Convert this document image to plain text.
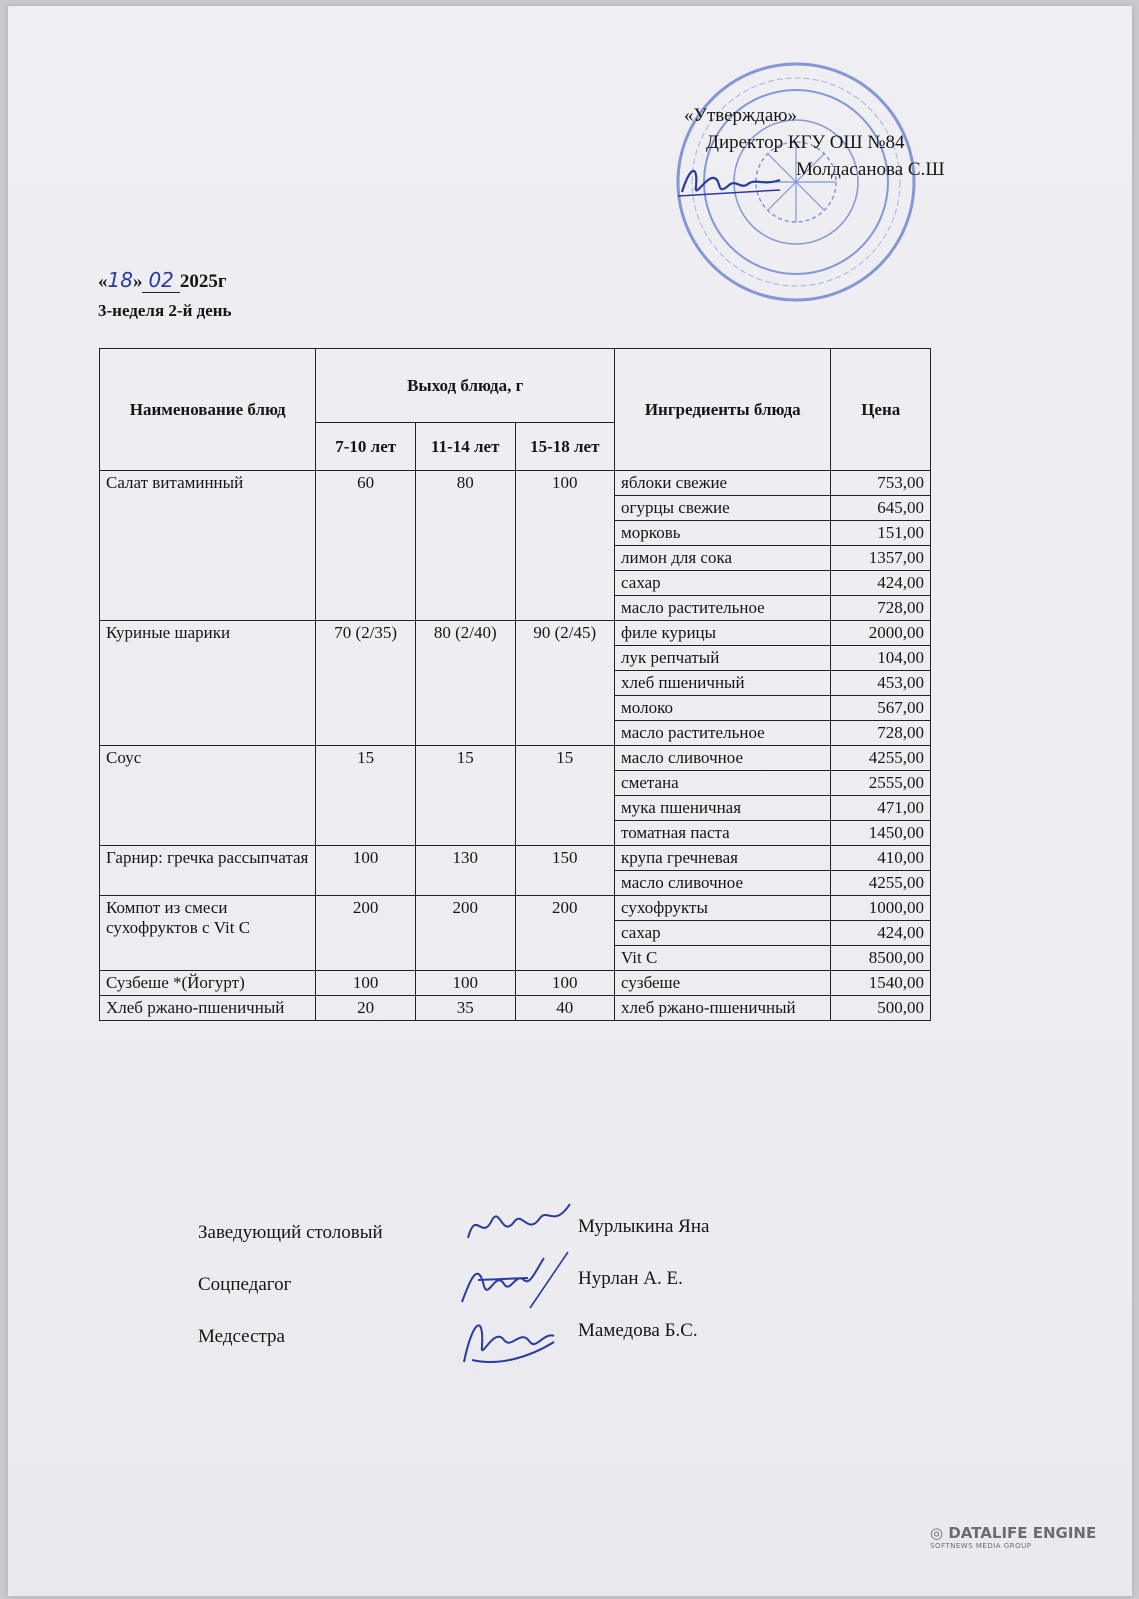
«Утверждаю»
Директор КГУ ОШ №84
Молдасанова С.Ш
«18» 02 2025г
3-неделя 2-й день
Наименование блюд	Выход блюда, г			Ингредиенты блюда	Цена
	7-10 лет	11-14 лет	15-18 лет		
Салат витаминный	60	80	100	яблоки свежие	753,00
				огурцы свежие	645,00
				морковь	151,00
				лимон для сока	1357,00
				сахар	424,00
				масло растительное	728,00
Куриные шарики	70 (2/35)	80 (2/40)	90 (2/45)	филе курицы	2000,00
				лук репчатый	104,00
				хлеб пшеничный	453,00
				молоко	567,00
				масло растительное	728,00
Соус	15	15	15	масло сливочное	4255,00
				сметана	2555,00
				мука пшеничная	471,00
				томатная паста	1450,00
Гарнир: гречка рассыпчатая	100	130	150	крупа гречневая	410,00
				масло сливочное	4255,00
Компот из смеси сухофруктов с Vit C	200	200	200	сухофрукты	1000,00
				сахар	424,00
				Vit C	8500,00
Сузбеше *(Йогурт)	100	100	100	сузбеше	1540,00
Хлеб ржано-пшеничный	20	35	40	хлеб ржано-пшеничный	500,00
Заведующий столовый	Мурлыкина Яна
Соцпедагог	Нурлан А. Е.
Медсестра	Мамедова Б.С.
◎ DATALIFE ENGINE
SOFTNEWS MEDIA GROUP
